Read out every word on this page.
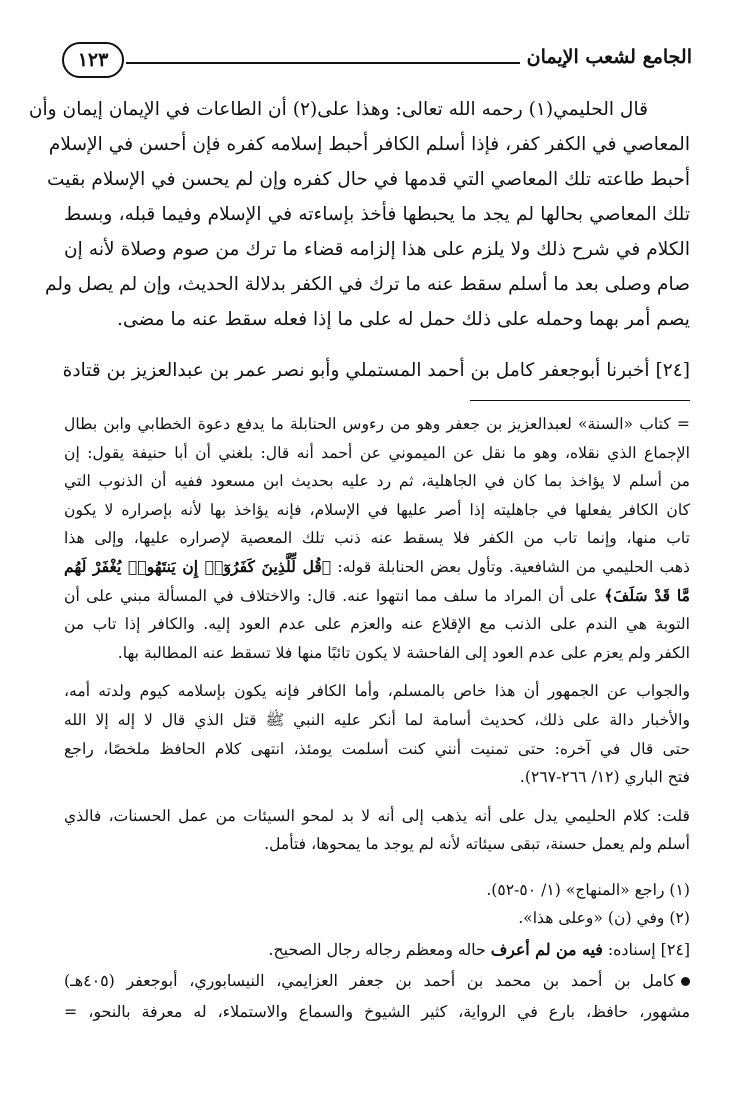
الجامع لشعب الإيمان
١٢٣
قال الحليمي(١) رحمه الله تعالى: وهذا على(٢) أن الطاعات في الإيمان إيمان وأن
المعاصي في الكفر كفر، فإذا أسلم الكافر أحبط إسلامه كفره فإن أحسن في الإسلام
أحبط طاعته تلك المعاصي التي قدمها في حال كفره وإن لم يحسن في الإسلام بقيت
تلك المعاصي بحالها لم يجد ما يحبطها فأخذ بإساءته في الإسلام وفيما قبله، وبسط
الكلام في شرح ذلك ولا يلزم على هذا إلزامه قضاء ما ترك من صوم وصلاة لأنه إن
صام وصلى بعد ما أسلم سقط عنه ما ترك في الكفر بدلالة الحديث، وإن لم يصل ولم
يصم أمر بهما وحمله على ذلك حمل له على ما إذا فعله سقط عنه ما مضى.
[٢٤] أخبرنا أبوجعفر كامل بن أحمد المستملي وأبو نصر عمر بن عبدالعزيز بن قتادة
= كتاب «السنة» لعبدالعزيز بن جعفر وهو من رءوس الحنابلة ما يدفع دعوة الخطابي وابن بطال
الإجماع الذي نقلاه، وهو ما نقل عن الميموني عن أحمد أنه قال: بلغني أن أبا حنيفة يقول: إن
من أسلم لا يؤاخذ بما كان في الجاهلية، ثم رد عليه بحديث ابن مسعود ففيه أن الذنوب التي
كان الكافر يفعلها في جاهليته إذا أصر عليها في الإسلام، فإنه يؤاخذ بها لأنه بإصراره لا يكون
تاب منها، وإنما تاب من الكفر فلا يسقط عنه ذنب تلك المعصية لإصراره عليها، وإلى هذا
ذهب الحليمي من الشافعية. وتأول بعض الحنابلة قوله: ﴿قُل لِّلَّذِينَ كَفَرُوٓا۟ إِن يَنتَهُوا۟ يُغْفَرْ لَهُم
مَّا قَدْ سَلَفَ﴾ على أن المراد ما سلف مما انتهوا عنه. قال: والاختلاف في المسألة مبني على أن
التوبة هي الندم على الذنب مع الإقلاع عنه والعزم على عدم العود إليه. والكافر إذا تاب من
الكفر ولم يعزم على عدم العود إلى الفاحشة لا يكون تائبًا منها فلا تسقط عنه المطالبة بها.
والجواب عن الجمهور أن هذا خاص بالمسلم، وأما الكافر فإنه يكون بإسلامه كيوم ولدته أمه،
والأخبار دالة على ذلك، كحديث أسامة لما أنكر عليه النبي ﷺ قتل الذي قال لا إله إلا الله
حتى قال في آخره: حتى تمنيت أنني كنت أسلمت يومئذ، انتهى كلام الحافظ ملخصًا، راجع
فتح الباري (١٢/ ٢٦٦-٢٦٧).
قلت: كلام الحليمي يدل على أنه يذهب إلى أنه لا بد لمحو السيئات من عمل الحسنات، فالذي
أسلم ولم يعمل حسنة، تبقى سيئاته لأنه لم يوجد ما يمحوها، فتأمل.
(١) راجع «المنهاج» (١/ ٥٠-٥٢).
(٢) وفي (ن) «وعلى هذا».
[٢٤] إسناده: فيه من لم أعرف حاله ومعظم رجاله رجال الصحيح.
كامل بن أحمد بن محمد بن أحمد بن جعفر العزايمي، النيسابوري، أبوجعفر (٤٠٥هـ)
مشهور، حافظ، بارع في الرواية، كثير الشيوخ والسماع والاستملاء، له معرفة بالنحو، =
